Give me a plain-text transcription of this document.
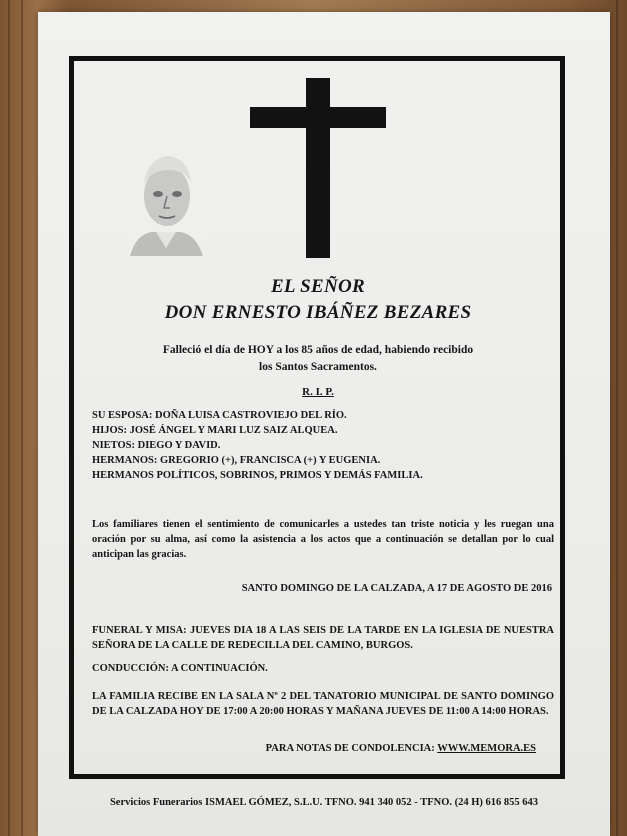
EL SEÑOR
DON ERNESTO IBÁÑEZ BEZARES
Falleció el día de HOY a los 85 años de edad, habiendo recibido
los Santos Sacramentos.
R. I. P.
SU ESPOSA: DOÑA LUISA CASTROVIEJO DEL RÍO.
HIJOS: JOSÉ ÁNGEL Y MARI LUZ SAIZ ALQUEA.
NIETOS: DIEGO Y DAVID.
HERMANOS: GREGORIO (+), FRANCISCA (+) Y EUGENIA.
HERMANOS POLÍTICOS, SOBRINOS, PRIMOS Y DEMÁS FAMILIA.
Los familiares tienen el sentimiento de comunicarles a ustedes tan triste noticia y les ruegan una oración por su alma, así como la asistencia a los actos que a continuación se detallan por lo cual anticipan las gracias.
SANTO DOMINGO DE LA CALZADA, A 17 DE AGOSTO DE 2016
FUNERAL Y MISA: JUEVES DIA 18 A LAS SEIS DE LA TARDE EN LA IGLESIA DE NUESTRA SEÑORA DE LA CALLE DE REDECILLA DEL CAMINO, BURGOS.
CONDUCCIÓN: A CONTINUACIÓN.
LA FAMILIA RECIBE EN LA SALA Nº 2 DEL TANATORIO MUNICIPAL DE SANTO DOMINGO DE LA CALZADA HOY DE 17:00 A 20:00 HORAS Y MAÑANA JUEVES DE 11:00 A 14:00 HORAS.
PARA NOTAS DE CONDOLENCIA: WWW.MEMORA.ES
Servicios Funerarios ISMAEL GÓMEZ, S.L.U. TFNO. 941 340 052 - TFNO. (24 H) 616 855 643
